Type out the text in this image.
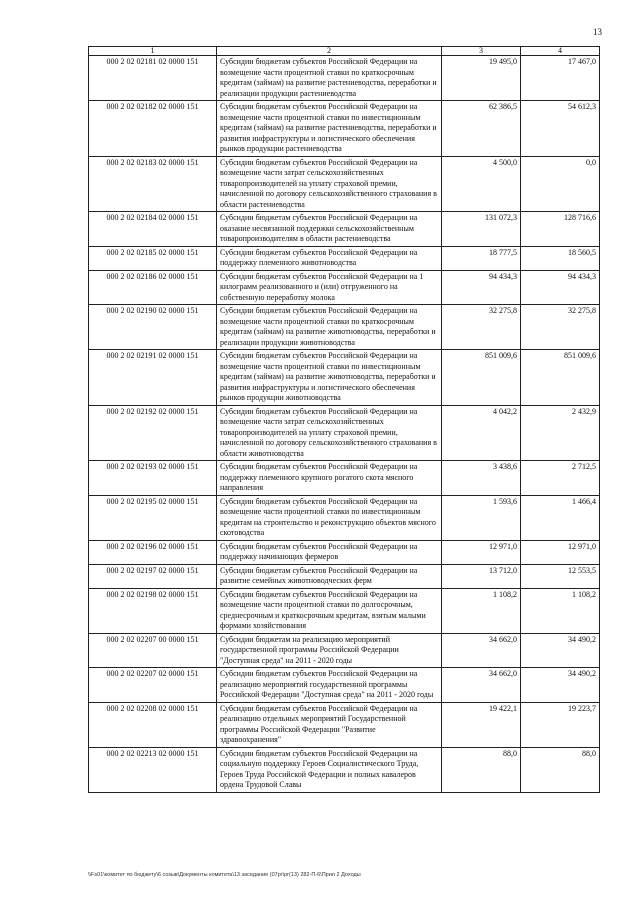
13
1	2	3	4
000 2 02 02181 02 0000 151	Субсидии бюджетам субъектов Российской Федерации на возмещение части процентной ставки по краткосрочным кредитам (займам) на развитие растениеводства, переработки и реализации продукции растениеводства	19 495,0	17 467,0
000 2 02 02182 02 0000 151	Субсидии бюджетам субъектов Российской Федерации на возмещение части процентной ставки по инвестиционным кредитам (займам) на развитие растениеводства, переработки и развития инфраструктуры и логистического обеспечения рынков продукции растениеводства	62 386,5	54 612,3
000 2 02 02183 02 0000 151	Субсидии бюджетам субъектов Российской Федерации на возмещение части затрат сельскохозяйственных товаропроизводителей на уплату страховой премии, начисленной по договору сельскохозяйственного страхования в области растениеводства	4 500,0	0,0
000 2 02 02184 02 0000 151	Субсидии бюджетам субъектов Российской Федерации на оказание несвязанной поддержки сельскохозяйственным товаропроизводителям в области растениеводства	131 072,3	128 716,6
000 2 02 02185 02 0000 151	Субсидии бюджетам субъектов Российской Федерации на поддержку племенного животноводства	18 777,5	18 560,5
000 2 02 02186 02 0000 151	Субсидии бюджетам субъектов Российской Федерации на 1 килограмм реализованного и (или) отгруженного на собственную переработку молока	94 434,3	94 434,3
000 2 02 02190 02 0000 151	Субсидии бюджетам субъектов Российской Федерации на возмещение части процентной ставки по краткосрочным кредитам (займам) на развитие животноводства, переработки и реализации продукции животноводства	32 275,8	32 275,8
000 2 02 02191 02 0000 151	Субсидии бюджетам субъектов Российской Федерации на возмещение части процентной ставки по инвестиционным кредитам (займам) на развитие животноводства, переработки и развития инфраструктуры и логистического обеспечения рынков продукции животноводства	851 009,6	851 009,6
000 2 02 02192 02 0000 151	Субсидии бюджетам субъектов Российской Федерации на возмещение части затрат сельскохозяйственных товаропроизводителей на уплату страховой премии, начисленной по договору сельскохозяйственного страхования в области животноводства	4 042,2	2 432,9
000 2 02 02193 02 0000 151	Субсидии бюджетам субъектов Российской Федерации на поддержку племенного крупного рогатого скота мясного направления	3 438,6	2 712,5
000 2 02 02195 02 0000 151	Субсидии бюджетам субъектов Российской Федерации на возмещение части процентной ставки по инвестиционным кредитам на строительство и реконструкцию объектов мясного скотоводства	1 593,6	1 466,4
000 2 02 02196 02 0000 151	Субсидии бюджетам субъектов Российской Федерации на поддержку начинающих фермеров	12 971,0	12 971,0
000 2 02 02197 02 0000 151	Субсидии бюджетам субъектов Российской Федерации на развитие семейных животноводческих ферм	13 712,0	12 553,5
000 2 02 02198 02 0000 151	Субсидии бюджетам субъектов Российской Федерации на возмещение части процентной ставки по долгосрочным, среднесрочным и краткосрочным кредитам, взятым малыми формами хозяйствования	1 108,2	1 108,2
000 2 02 02207 00 0000 151	Субсидии бюджетам на реализацию мероприятий государственной программы Российской Федерации "Доступная среда" на 2011 - 2020 годы	34 662,0	34 490,2
000 2 02 02207 02 0000 151	Субсидии бюджетам субъектов Российской Федерации на реализацию мероприятий государственной программы Российской Федерации "Доступная среда" на 2011 - 2020 годы	34 662,0	34 490,2
000 2 02 02208 02 0000 151	Субсидии бюджетам субъектов Российской Федерации на реализацию отдельных мероприятий Государственной программы Российской Федерации "Развитие здравоохранения"	19 422,1	19 223,7
000 2 02 02213 02 0000 151	Субсидии бюджетам субъектов Российской Федерации на социальную поддержку Героев Социалистического Труда, Героев Труда Российской Федерации и полных кавалеров ордена Трудовой Славы	88,0	88,0
\\Fs01\комитет по бюджету\6 созыв\Документы комитета\13 заседание (07pr\pr(13) 282-П-6\Прил 2 Доходы
